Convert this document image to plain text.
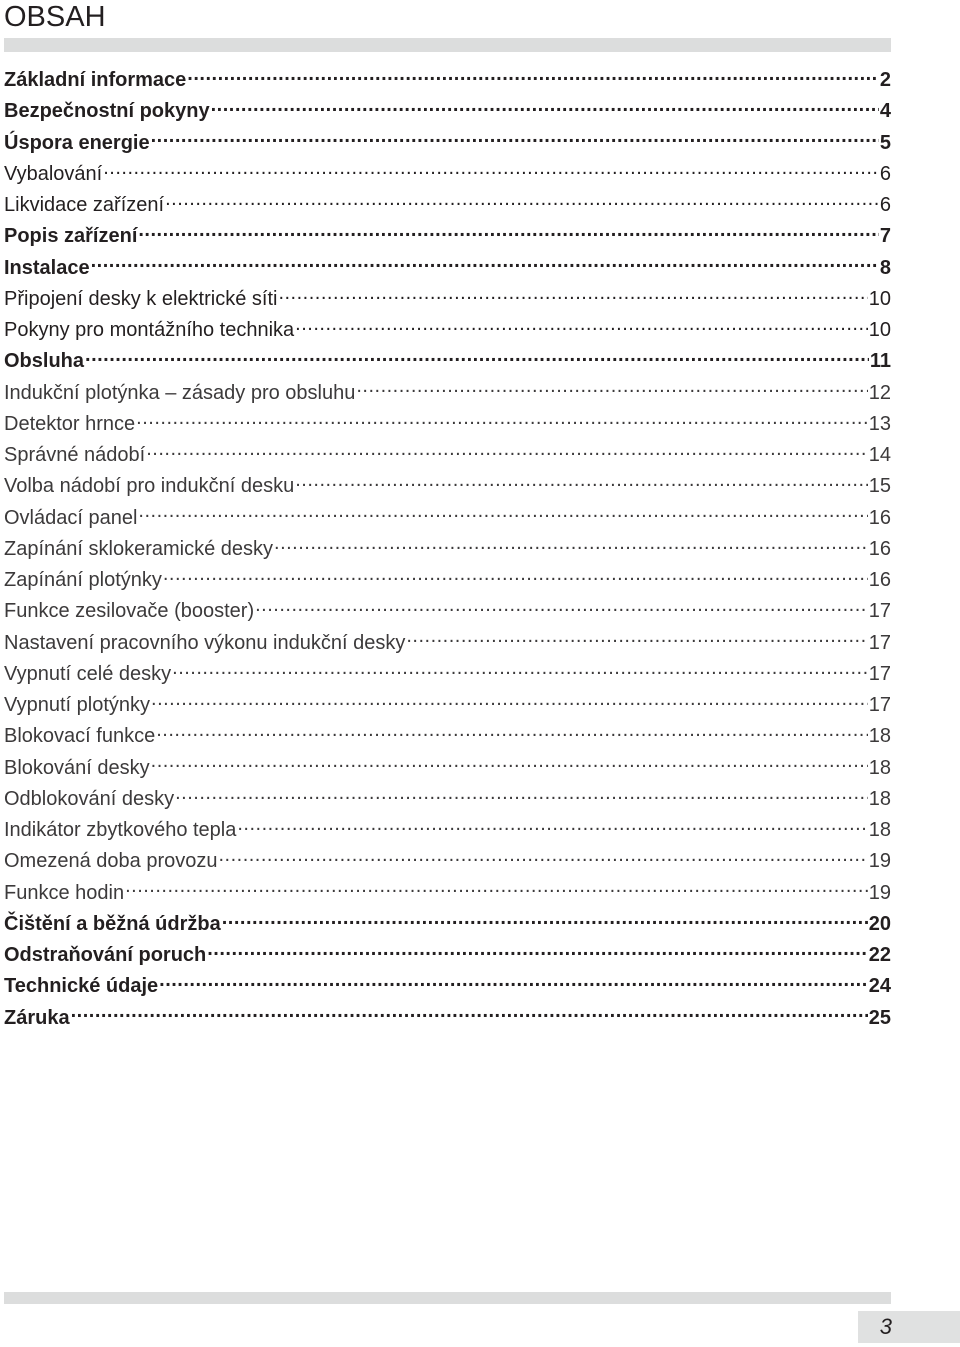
OBSAH
Základní informace .....	2
Bezpečnostní pokyny .....	4
Úspora energie .....	5
Vybalování .....	6
Likvidace zařízení .....	6
Popis zařízení .....	7
Instalace .....	8
Připojení desky k elektrické síti .....	10
Pokyny pro montážního technika .....	10
Obsluha .....	11
Indukční plotýnka – zásady pro obsluhu .....	12
Detektor hrnce .....	13
Správné nádobí .....	14
Volba nádobí pro indukční desku .....	15
Ovládací panel .....	16
Zapínání sklokeramické desky .....	16
Zapínání plotýnky .....	16
Funkce zesilovače (booster) .....	17
Nastavení pracovního výkonu indukční desky .....	17
Vypnutí celé desky .....	17
Vypnutí plotýnky .....	17
Blokovací funkce .....	18
Blokování desky .....	18
Odblokování desky .....	18
Indikátor zbytkového tepla .....	18
Omezená doba provozu .....	19
Funkce hodin .....	19
Čištění a běžná údržba .....	20
Odstraňování poruch .....	22
Technické údaje .....	24
Záruka .....	25
3
